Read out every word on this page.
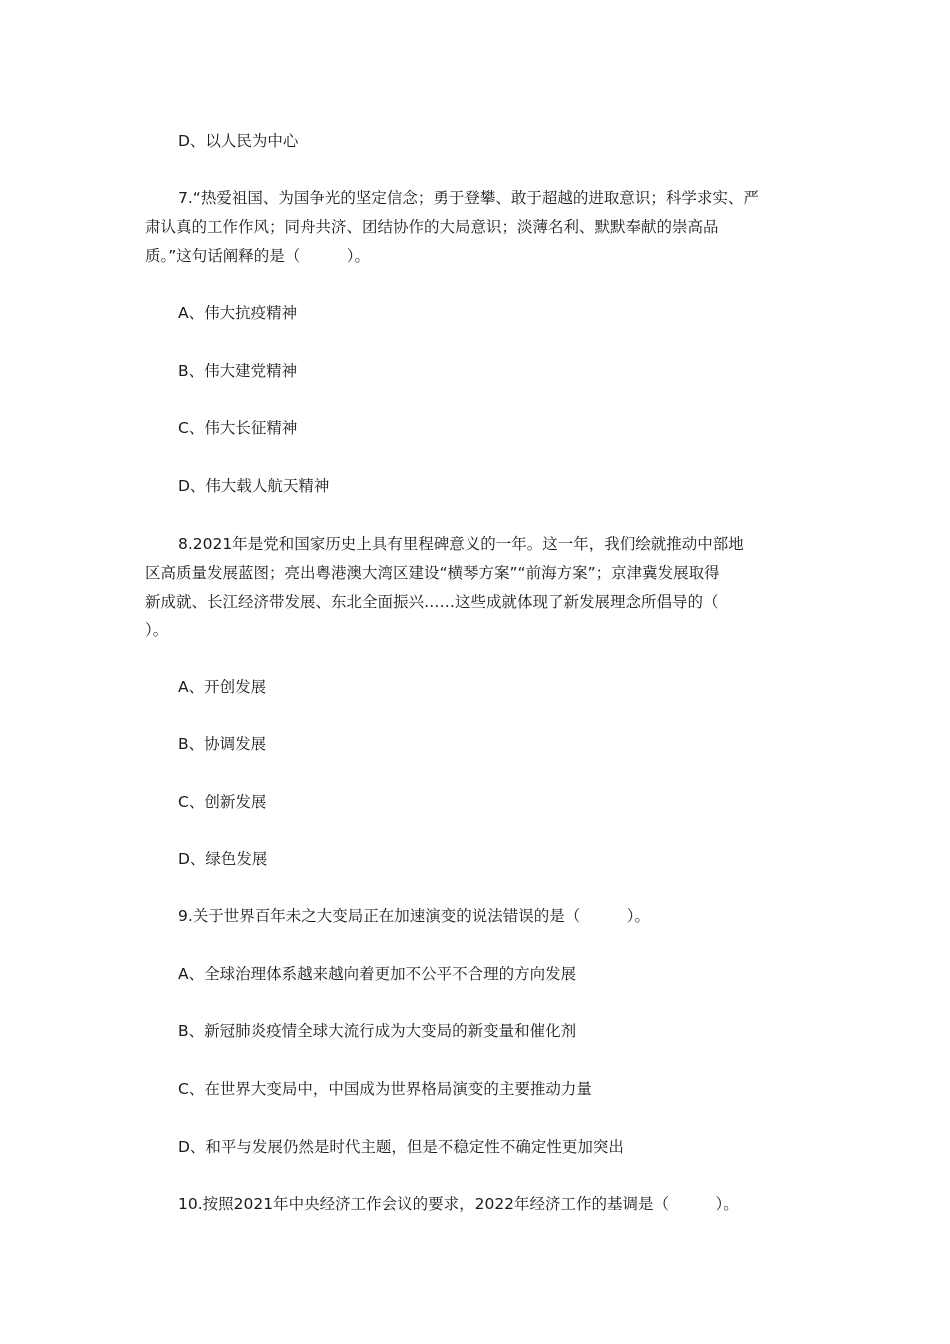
D、以人民为中心
7.“热爱祖国、为国争光的坚定信念；勇于登攀、敢于超越的进取意识；科学求实、严
肃认真的工作作风；同舟共济、团结协作的大局意识；淡薄名利、默默奉献的崇高品
质。”这句话阐释的是（　　　）。
A、伟大抗疫精神
B、伟大建党精神
C、伟大长征精神
D、伟大载人航天精神
8.2021年是党和国家历史上具有里程碑意义的一年。这一年，我们绘就推动中部地
区高质量发展蓝图；亮出粤港澳大湾区建设“横琴方案”“前海方案”；京津冀发展取得
新成就、长江经济带发展、东北全面振兴……这些成就体现了新发展理念所倡导的（
）。
A、开创发展
B、协调发展
C、创新发展
D、绿色发展
9.关于世界百年未之大变局正在加速演变的说法错误的是（　　　）。
A、全球治理体系越来越向着更加不公平不合理的方向发展
B、新冠肺炎疫情全球大流行成为大变局的新变量和催化剂
C、在世界大变局中，中国成为世界格局演变的主要推动力量
D、和平与发展仍然是时代主题，但是不稳定性不确定性更加突出
10.按照2021年中央经济工作会议的要求，2022年经济工作的基调是（　　　）。
